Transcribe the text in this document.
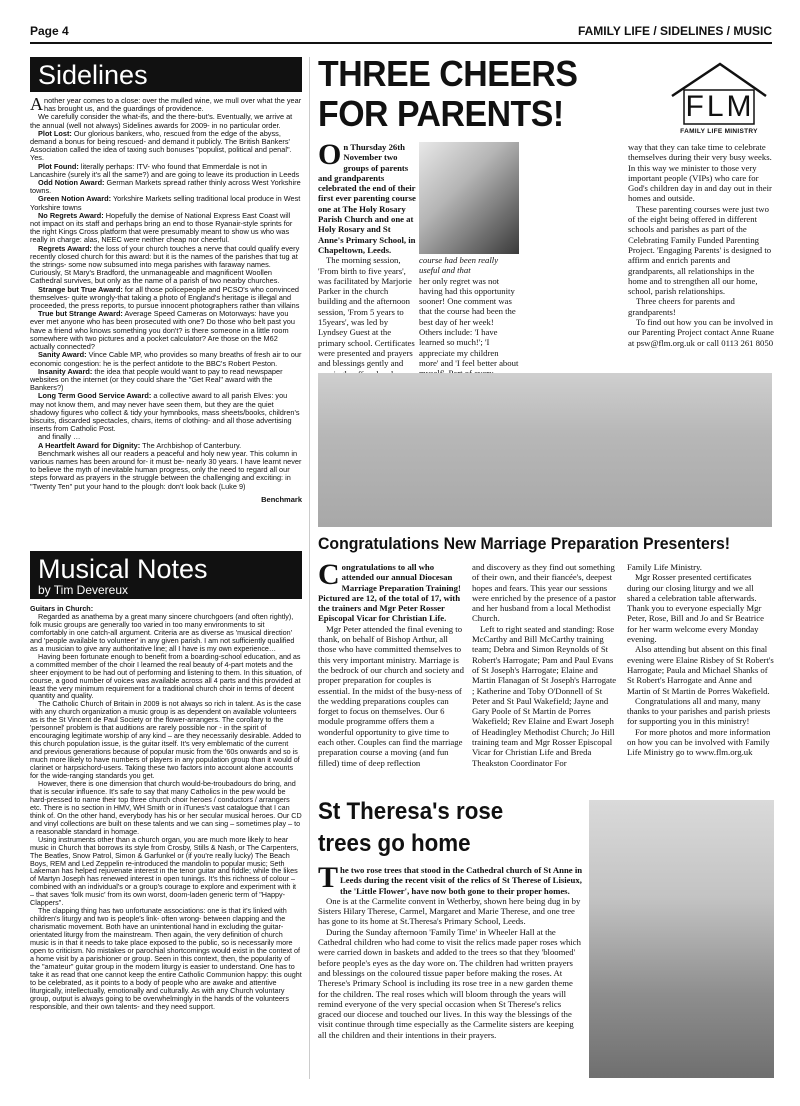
Page 4	FAMILY LIFE / SIDELINES / MUSIC
Sidelines

Another year comes to a close: over the mulled wine, we mull over what the year has brought us, and the guardings of providence.

We carefully consider the what-ifs, and the there-but's. Eventually, we arrive at the annual (well not always) Sidelines awards for 2009- in no particular order.

Plot Lost: Our glorious bankers, who, rescued from the edge of the abyss, demand a bonus for being rescued- and demand it publicly. The British Bankers' Association called the idea of taxing such bonuses "populist, political and penal". Yes.

Plot Found: literally perhaps: ITV- who found that Emmerdale is not in Lancashire (surely it's all the same?) and are going to leave its production in Leeds

Odd Notion Award: German Markets spread rather thinly across West Yorkshire towns.

Green Notion Award: Yorkshire Markets selling traditional local produce in West Yorkshire towns

No Regrets Award: Hopefully the demise of National Express East Coast will not impact on its staff and perhaps bring an end to those Ryanair-style sprints for the right Kings Cross platform that were presumably meant to show us who was really in charge: alas, NEEC were neither cheap nor cheerful.

Regrets Award: the loss of your church touches a nerve that could qualify every recently closed church for this award: but it is the names of the parishes that tug at the strings- some now subsumed into mega parishes with faraway names. Curiously, St Mary's Bradford, the unmanageable and magnificent Woollen Cathedral survives, but only as the name of a parish of two nearby churches.

Strange but True Award: for all those policepeople and PCSO's who convinced themselves- quite wrongly-that taking a photo of England's heritage is illegal and proceeded, the press reports, to pursue innocent photographers rather than villains

True but Strange Award: Average Speed Cameras on Motorways: have you ever met anyone who has been prosecuted with one? Do those who belt past you have a friend who knows something you don't? is there someone in a little room somewhere with two pictures and a pocket calculator? Are those on the M62 actually connected?

Sanity Award: Vince Cable MP, who provides so many breaths of fresh air to our economic congestion: he is the perfect antidote to the BBC's Robert Peston.

Insanity Award: the idea that people would want to pay to read newspaper websites on the internet (or they could share the "Get Real" award with the Bankers?)

Long Term Good Service Award: a collective award to all parish Elves: you may not know them, and may never have seen them, but they are the quiet shadowy figures who collect & tidy your hymnbooks, mass sheets/books, children's biscuits, discarded spectacles, chairs, items of clothing- and all those advertising inserts from Catholic Post.

and finally …

A Heartfelt Award for Dignity: The Archbishop of Canterbury.

Benchmark wishes all our readers a peaceful and holy new year. This column in various names has been around for- it must be- nearly 30 years. I have learnt never to believe the myth of inevitable human progress, only the need to regard all our steps forward as prayers in the struggle between the challenging and exciting: in "Twenty Ten" put your hand to the plough: don't look back (Luke 9)

Benchmark
Musical Notes
by Tim Devereux

Guitars in Church:

Regarded as anathema by a great many sincere churchgoers (and often rightly), folk music groups are generally too varied in too many environments to sit comfortably in one catch-all argument. Criteria are as diverse as 'musical direction' and 'people available to volunteer' in any given parish. I am not sufficiently qualified as a musician to give any authoritative line; all I have is my own experience…

Having been fortunate enough to benefit from a boarding-school education, and as a committed member of the choir I learned the real beauty of 4-part motets and the sheer enjoyment to be had out of performing and listening to them. In this situation, of course, a good number of voices was available across all 4 parts and this provided at least the very minimum requirement for a traditional church choir in terms of decent quantity and quality.

The Catholic Church of Britain in 2009 is not always so rich in talent. As is the case with any church organization a music group is as dependent on available volunteers as is the St Vincent de Paul Society or the flower-arrangers. The corollary to the 'personnel' problem is that auditions are rarely possible nor - in the spirit of encouraging legitimate worship of any kind – are they necessarily desirable. Added to this church population issue, is the guitar itself. It's very emblematic of the current and previous generations because of popular music from the '60s onwards and so is much more likely to have numbers of players in any population group than it would of clarinet or harpsichord-users. Taking these two factors into account alone accounts for the wide-ranging standards you get.

However, there is one dimension that church would-be-troubadours do bring, and that is secular influence. It's safe to say that many Catholics in the pew would be hard-pressed to name their top three church choir heroes / conductors / arrangers etc. There is no section in HMV, WH Smith or in iTunes's vast catalogue that I can think of. On the other hand, everybody has his or her secular musical heroes. Our CD and vinyl collections are built on these talents and we can sing – sometimes play – to a reasonable standard in homage.

Using instruments other than a church organ, you are much more likely to hear music in Church that borrows its style from Crosby, Stills & Nash, or The Carpenters, The Beatles, Snow Patrol, Simon & Garfunkel or (if you're really lucky) The Beach Boys, REM and Led Zeppelin re-introduced the mandolin to popular music; Seth Lakeman has helped rejuvenate interest in the tenor guitar and fiddle; while the likes of Martyn Joseph has renewed interest in open tunings. It's this richness of colour – combined with an individual's or a group's courage to explore and experiment with it – that saves 'folk music' from its own worst, doom-laden generic term of "Happy-Clappers".

The clapping thing has two unfortunate associations: one is that it's linked with children's liturgy and two is people's link- often wrong- between clapping and the charismatic movement. Both have an unintentional hand in excluding the guitar-orientated liturgy from the mainstream. Then again, the very definition of church music is in that it needs to take place exposed to the public, so is necessarily more open to criticism. No mistakes or parochial shortcomings would exist in the context of a home visit by a parishioner or group. Seen in this context, then, the popularity of the "amateur" guitar group in the modern liturgy is easier to understand. One has to take it as read that one cannot keep the entire Catholic Communion happy: this ought to be celebrated, as it points to a body of people who are awake and attentive liturgically, intellectually, emotionally and culturally. As with any Church voluntary group, output is always going to be overwhelmingly in the hands of the volunteers responsible, and their own talents- and they need support.

THREE CHEERS
FOR PARENTS!	FLM
FAMILY LIFE MINISTRY

On Thursday 26th November two groups of parents and grandparents celebrated the end of their first ever parenting course one at The Holy Rosary Parish Church and one at Holy Rosary and St Anne's Primary School, in Chapeltown, Leeds.

The morning session, 'From birth to five years', was facilitated by Marjorie Parker in the church building and the afternoon session, 'From 5 years to 15years', was led by Lyndsey Guest at the primary school. Certificates were presented and prayers and blessings gently and

course had been really useful and that

her only regret was not having had this opportunity sooner! One comment was that the course had been the best day of her week! Others include: 'I have learned so much!'; 'I appreciate my children more' and 'I feel better about

way that they can take time to celebrate themselves during their very busy weeks. In this way we minister to those very important people (VIPs) who care for God's children day in and day out in their homes and outside.

These parenting courses were just two of the eight being offered in different schools and parishes as part of the Celebrating Family Funded Parenting Project. 'Engaging Parents' is designed to affirm and enrich parents and grandparents, all relationships in the home and to strengthen all our home, school, parish relationships.

Three cheers for parents and grandparents!

To find out how you can be involved in our Parenting Project contact Anne Ruane at psw@flm.org.uk or call 0113 261 8050

Congratulations New Marriage Preparation Presenters!

Congratulations to all who attended our annual Diocesan Marriage Preparation Training! Pictured are 12, of the total of 17, with the trainers and Mgr Peter Rosser Episcopal Vicar for Christian Life.

Mgr Peter attended the final evening to thank, on behalf of Bishop Arthur, all those who have committed themselves to this very important ministry. Marriage is the bedrock of our church and society and proper preparation for couples is essential. In the midst of the busy-ness of the wedding preparations couples can forget to focus on themselves. Our 6 module programme offers them a wonderful opportunity to give time to each other. Couples can find the marriage preparation course a moving (and fun filled) time of deep reflection

and discovery as they find out something of their own, and their fiancée's, deepest hopes and fears. This year our sessions were enriched by the presence of a pastor and her husband from a local Methodist Church.

Left to right seated and standing: Rose McCarthy and Bill McCarthy training team; Debra and Simon Reynolds of St Robert's Harrogate; Pam and Paul Evans of St Joseph's Harrogate; Elaine and Martin Flanagan of St Joseph's Harrogate ; Katherine and Toby O'Donnell of St Peter and St Paul Wakefield; Jayne and Gary Poole of St Martin de Porres Wakefield; Rev Elaine and Ewart Joseph of Headingley Methodist Church; Jo Hill training team and Mgr Rosser Episcopal Vicar for Christian Life and Breda Theakston Coordinator For

Family Life Ministry.

Mgr Rosser presented certificates during our closing liturgy and we all shared a celebration table afterwards. Thank you to everyone especially Mgr Peter, Rose, Bill and Jo and Sr Beatrice for her warm welcome every Monday evening.

Also attending but absent on this final evening were Elaine Risbey of St Robert's Harrogate; Paula and Michael Shanks of St Robert's Harrogate and Anne and Martin of St Martin de Porres Wakefield.

Congratulations all and many, many thanks to your parishes and parish priests for supporting you in this ministry!

For more photos and more information on how you can be involved with Family Life Ministry go to www.flm.org.uk

St Theresa's rose
trees go home

The two rose trees that stood in the Cathedral church of St Anne in Leeds during the recent visit of the relics of St Therese of Lisieux, the 'Little Flower', have now both gone to their proper homes.

One is at the Carmelite convent in Wetherby, shown here being dug in by Sisters Hilary Therese, Carmel, Margaret and Marie Therese, and one tree has gone to its home at St.Theresa's Primary School, Leeds.

During the Sunday afternoon 'Family Time' in Wheeler Hall at the Cathedral children who had come to visit the relics made paper roses which were carried down in baskets and added to the trees so that they 'bloomed' before people's eyes as the day wore on. The children had written prayers and blessings on the coloured tissue paper before making the roses. At Therese's Primary School is including its rose tree in a new garden theme for the children. The real roses which will bloom through the years will remind everyone of the very special occasion when St Therese's relics graced our diocese and touched our lives. In this way the blessings of the visit continue through time especially as the Carmelite sisters are keeping all the children and their intentions in their prayers.
